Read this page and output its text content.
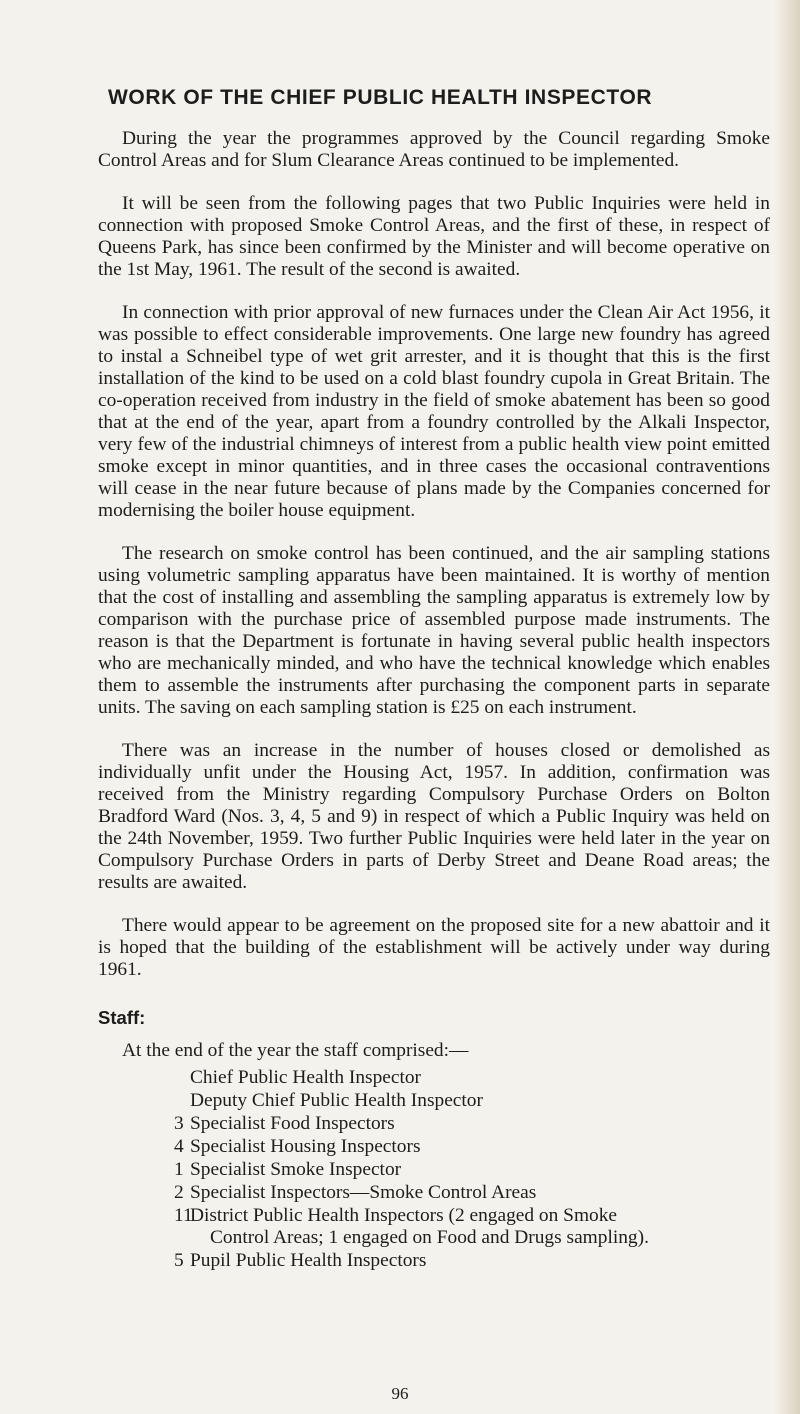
WORK OF THE CHIEF PUBLIC HEALTH INSPECTOR

During the year the programmes approved by the Council regarding Smoke Control Areas and for Slum Clearance Areas continued to be implemented.

It will be seen from the following pages that two Public Inquiries were held in connection with proposed Smoke Control Areas, and the first of these, in respect of Queens Park, has since been confirmed by the Minister and will become operative on the 1st May, 1961. The result of the second is awaited.

In connection with prior approval of new furnaces under the Clean Air Act 1956, it was possible to effect considerable improvements. One large new foundry has agreed to instal a Schneibel type of wet grit arrester, and it is thought that this is the first installation of the kind to be used on a cold blast foundry cupola in Great Britain. The co-operation received from industry in the field of smoke abatement has been so good that at the end of the year, apart from a foundry controlled by the Alkali Inspector, very few of the industrial chimneys of interest from a public health view point emitted smoke except in minor quantities, and in three cases the occasional contraventions will cease in the near future because of plans made by the Companies concerned for modernising the boiler house equipment.

The research on smoke control has been continued, and the air sampling stations using volumetric sampling apparatus have been maintained. It is worthy of mention that the cost of installing and assembling the sampling apparatus is extremely low by comparison with the purchase price of assembled purpose made instruments. The reason is that the Department is fortunate in having several public health inspectors who are mechanically minded, and who have the technical knowledge which enables them to assemble the instruments after purchasing the component parts in separate units. The saving on each sampling station is £25 on each instrument.

There was an increase in the number of houses closed or demolished as individually unfit under the Housing Act, 1957. In addition, confirmation was received from the Ministry regarding Compulsory Purchase Orders on Bolton Bradford Ward (Nos. 3, 4, 5 and 9) in respect of which a Public Inquiry was held on the 24th November, 1959. Two further Public Inquiries were held later in the year on Compulsory Purchase Orders in parts of Derby Street and Deane Road areas; the results are awaited.

There would appear to be agreement on the proposed site for a new abattoir and it is hoped that the building of the establishment will be actively under way during 1961.

Staff:
At the end of the year the staff comprised:—
Chief Public Health Inspector
Deputy Chief Public Health Inspector
3 Specialist Food Inspectors
4 Specialist Housing Inspectors
1 Specialist Smoke Inspector
2 Specialist Inspectors—Smoke Control Areas
11
District Public Health Inspectors (2 engaged on Smoke
Control Areas; 1 engaged on Food and Drugs sampling).
5 Pupil Public Health Inspectors
96
